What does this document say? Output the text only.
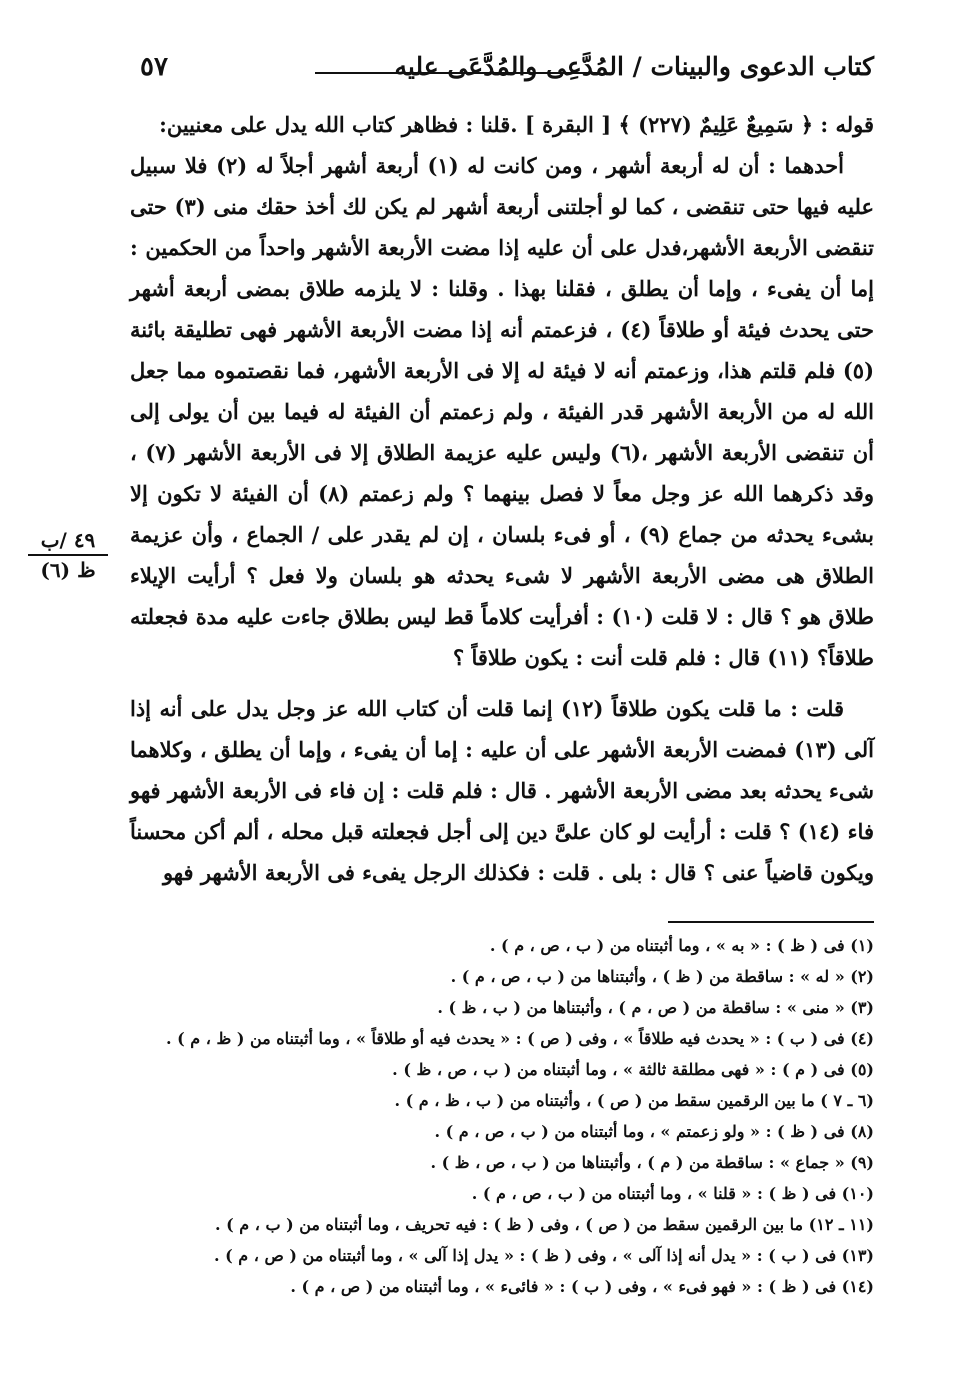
كتاب الدعوى والبينات / المُدَّعِى والمُدَّعَى عليه
٥٧

قوله : ﴿ سَمِيعٌ عَلِيمٌ (٢٢٧) ﴾ [ البقرة ] .قلنا : فظاهر كتاب الله يدل على معنيين:

أحدهما : أن له أربعة أشهر ، ومن كانت له (١) أربعة أشهر أجلاً له (٢) فلا سبيل عليه فيها حتى تنقضى ، كما لو أجلتنى أربعة أشهر لم يكن لك أخذ حقك منى (٣) حتى تنقضى الأربعة الأشهر،فدل على أن عليه إذا مضت الأربعة الأشهر واحداً من الحكمين : إما أن يفىء ، وإما أن يطلق ، فقلنا بهذا . وقلنا : لا يلزمه طلاق بمضى أربعة أشهر حتى يحدث فيئة أو طلاقاً (٤) ، فزعمتم أنه إذا مضت الأربعة الأشهر فهى تطليقة بائنة (٥) فلم قلتم هذا، وزعمتم أنه لا فيئة له إلا فى الأربعة الأشهر، فما نقصتموه مما جعل الله له من الأربعة الأشهر قدر الفيئة ، ولم زعمتم أن الفيئة له فيما بين أن يولى إلى أن تنقضى الأربعة الأشهر ،(٦) وليس عليه عزيمة الطلاق إلا فى الأربعة الأشهر (٧) ، وقد ذكرهما الله عز وجل معاً لا فصل بينهما ؟ ولم زعمتم (٨) أن الفيئة لا تكون إلا بشىء يحدثه من جماع (٩) ، أو فىء بلسان ، إن لم يقدر على / الجماع ، وأن عزيمة الطلاق هى مضى الأربعة الأشهر لا شىء يحدثه هو بلسان ولا فعل ؟ أرأيت الإيلاء طلاق هو ؟ قال : لا قلت (١٠) : أفرأيت كلاماً قط ليس بطلاق جاءت عليه مدة فجعلته طلاقاً؟ (١١) قال : فلم قلت أنت : يكون طلاقاً ؟

قلت : ما قلت يكون طلاقاً (١٢) إنما قلت أن كتاب الله عز وجل يدل على أنه إذا آلى (١٣) فمضت الأربعة الأشهر على أن عليه : إما أن يفىء ، وإما أن يطلق ، وكلاهما شىء يحدثه بعد مضى الأربعة الأشهر . قال : فلم قلت : إن فاء فى الأربعة الأشهر فهو فاء (١٤) ؟ قلت : أرأيت لو كان علىَّ دين إلى أجل فجعلته قبل محله ، ألم أكن محسناً ويكون قاضياً عنى ؟ قال : بلى . قلت : فكذلك الرجل يفىء فى الأربعة الأشهر فهو

٤٩ /ب
ظ (٦)
(١) فى ( ظ ) : « به » ، وما أثبتناه من ( ب ، ص ، م ) .
(٢) « له » : ساقطة من ( ظ ) ، وأثبتناها من ( ب ، ص ، م ) .
(٣) « منى » : ساقطة من ( ص ، م ) ، وأثبتناها من ( ب ، ظ ) .
(٤) فى ( ب ) : « يحدث فيه طلاقاً » ، وفى ( ص ) : « يحدث فيه أو طلاقاً » ، وما أثبتناه من ( ظ ، م ) .
(٥) فى ( م ) : « فهى مطلقة ثالثة » ، وما أثبتناه من ( ب ، ص ، ظ ) .
(٦ ـ ٧ ) ما بين الرقمين سقط من ( ص ) ، وأثبتناه من ( ب ، ظ ، م ) .
(٨) فى ( ظ ) : « ولو زعمتم » ، وما أثبتناه من ( ب ، ص ، م ) .
(٩) « جماع » : ساقطة من ( م ) ، وأثبتناها من ( ب ، ص ، ظ ) .
(١٠) فى ( ظ ) : « قلنا » ، وما أثبتناه من ( ب ، ص ، م ) .
(١١ ـ ١٢) ما بين الرقمين سقط من ( ص ) ، وفى ( ظ ) : فيه تحريف ، وما أثبتناه من ( ب ، م ) .
(١٣) فى ( ب ) : « يدل أنه إذا آلى » ، وفى ( ظ ) : « يدل إذا آلى » ، وما أثبتناه من ( ص ، م ) .
(١٤) فى ( ظ ) : « فهو فىء » ، وفى ( ب ) : « فائىء » ، وما أثبتناه من ( ص ، م ) .
